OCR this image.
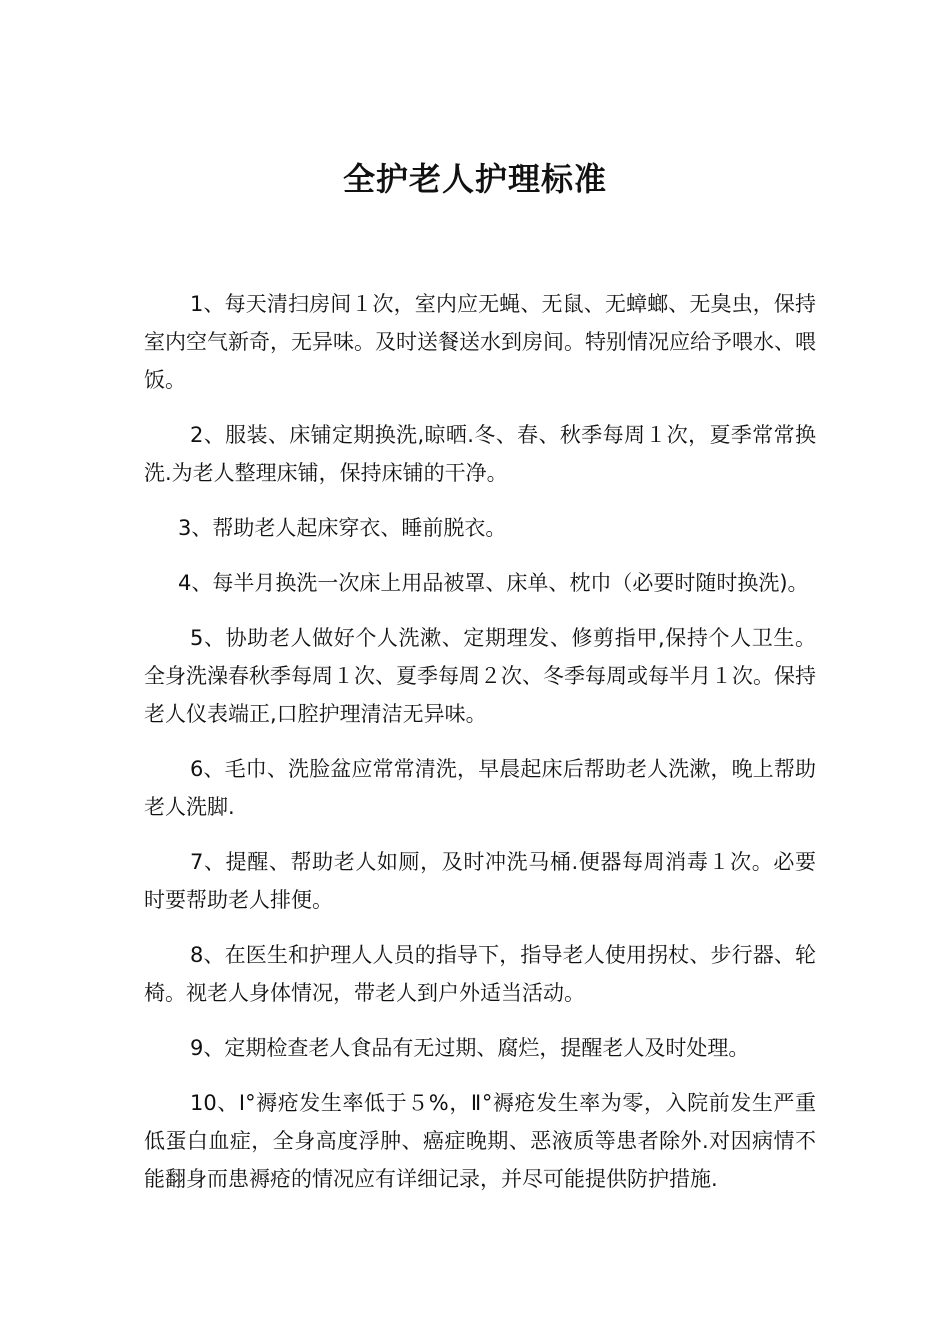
全护老人护理标准

1、每天清扫房间１次，室内应无蝇、无鼠、无蟑螂、无臭虫，保持室内空气新奇，无异味。及时送餐送水到房间。特别情况应给予喂水、喂饭。

2、服装、床铺定期换洗,晾晒.冬、春、秋季每周１次，夏季常常换洗.为老人整理床铺，保持床铺的干净。

3、帮助老人起床穿衣、睡前脱衣。

4、每半月换洗一次床上用品被罩、床单、枕巾（必要时随时换洗)。

5、协助老人做好个人洗漱、定期理发、修剪指甲,保持个人卫生。全身洗澡春秋季每周１次、夏季每周２次、冬季每周或每半月１次。保持老人仪表端正,口腔护理清洁无异味。

6、毛巾、洗脸盆应常常清洗，早晨起床后帮助老人洗漱，晚上帮助老人洗脚.

7、提醒、帮助老人如厕，及时冲洗马桶.便器每周消毒１次。必要时要帮助老人排便。

8、在医生和护理人人员的指导下，指导老人使用拐杖、步行器、轮椅。视老人身体情况，带老人到户外适当活动。

9、定期检查老人食品有无过期、腐烂，提醒老人及时处理。

10、I°褥疮发生率低于５%，Ⅱ°褥疮发生率为零，入院前发生严重低蛋白血症，全身高度浮肿、癌症晚期、恶液质等患者除外.对因病情不能翻身而患褥疮的情况应有详细记录，并尽可能提供防护措施.
